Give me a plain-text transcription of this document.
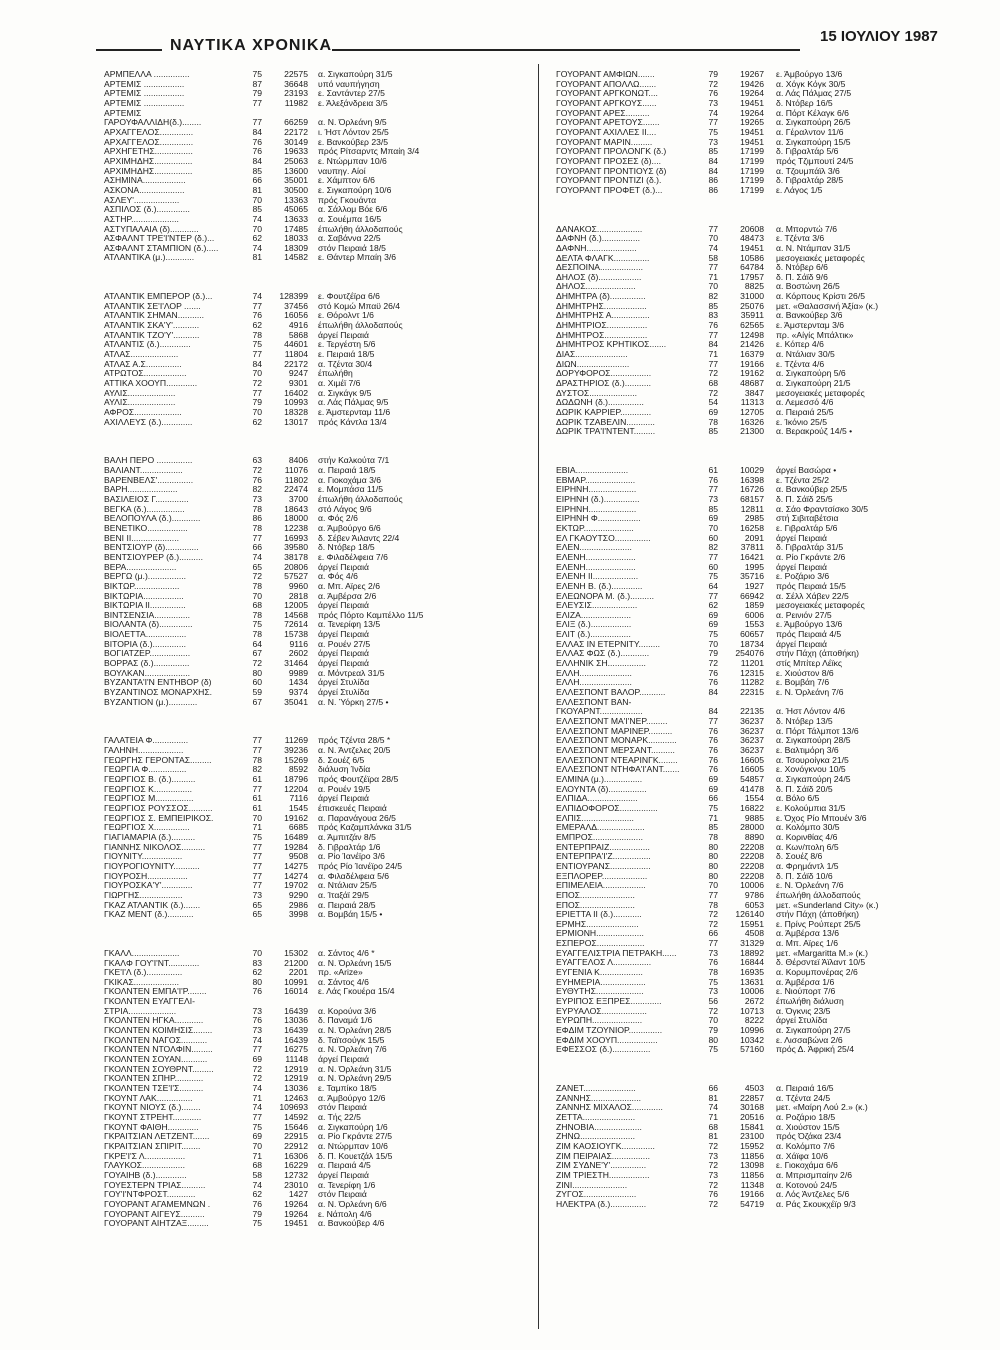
ΝΑΥΤΙΚΑ ΧΡΟΝΙΚΑ
15 ΙΟΥΛΙΟΥ 1987
ΑΡΜΠΕΛΛΑ ...............	75	22575	α. Σιγκαπούρη 31/5
ΑΡΤΕΜΙΣ .................	87	36648	υπό ναυπήγηση
ΑΡΤΕΜΙΣ .................	79	23193	ε. Σαντάντερ 27/5
ΑΡΤΕΜΙΣ .................	77	11982	ε. Άλεξάνδρεια 3/5
ΑΡΤΕΜΙΣ
ΓΑΡΟΥΦΑΛΛΙΔΗ(δ.)........	77	66259	α. Ν. Όρλεάνη 9/5
ΑΡΧΑΓΓΕΛΟΣ..............	84	22172	ι. Ήστ Λόντον 25/5
ΑΡΧΑΓΓΕΛΟΣ..............	76	30149	ε. Βανκούβερ 23/5
ΑΡΧΗΓΕΤΗΣ................	76	19633	πρός Ρίτσαρντς Μπαίη 3/4
ΑΡΧΙΜΗΔΗΣ................	84	25063	ε. Ντώρμπαν 10/6
ΑΡΧΙΜΗΔΗΣ................	85	13600	ναυπηγ. Αίοί
ΑΣΗΜΙΝΑ..................	66	35001	ε. Χάμπτον 6/6
ΑΣΚΟΝΑ...................	81	30500	ε. Σιγκαπούρη 10/6
ΑΣΛΕΥ'...................	70	13363	πρός Γκουάντα
ΑΣΠΙΛΟΣ (δ.)..............	85	45065	α. Σάλλομ Βόε 6/6
ΑΣΤΗΡ....................	74	13633	α. Σουέμπα 16/5
ΑΣΤΥΠΑΛΑΙΑ (δ)............	70	17485	έπωλήθη άλλοδαπούς
ΑΣΦΑΛΝΤ ΤΡΕ'Ι'ΝΤΕΡ (δ.)...	62	18033	α. Σαβάννα 22/5
ΑΣΦΑΛΝΤ ΣΤΑΜΠΙΟΝ (δ.).....	74	18309	στόν Πειραιά 18/5
ΑΤΛΑΝΤΙΚΑ (μ.)............	81	14582	ε. Θάντερ Μπαίη 3/6
ΑΤΛΑΝΤΙΚ ΕΜΠΕΡΟΡ (δ.)...	74	128399	ε. Φουτζέϊρα 6/6
ΑΤΛΑΝΤΙΚ ΣΕ'Ι'ΛΟΡ .......	77	37456	στό Κομώ Μπαϋ 26/4
ΑΤΛΑΝΤΙΚ ΣΗΜΑΝ...........	76	16056	ε. Θόρολντ 1/6
ΑΤΛΑΝΤΙΚ ΣΚΑ'Υ'...........	62	4916	έπωλήθη άλλοδαπούς
ΑΤΛΑΝΤΙΚ ΤΖΟ'Υ'...........	78	5868	άργεί Πειραιά
ΑΤΛΑΝΤΙΣ (δ.).............	75	44601	ε. Τεργέστη 5/6
ΑΤΛΑΣ....................	77	11804	ε. Πειραιά 18/5
ΑΤΛΑΣ Α.Σ...............	84	22172	α. Τζέντα 30/4
ΑΤΡΩΤΟΣ..................	70	9247	έπωλήθη
ΑΤΤΙΚΑ ΧΟΟΥΠ.............	72	9301	α. Χιμέϊ 7/6
ΑΥΛΙΣ....................	77	16402	α. Σιγκάγκ 9/5
ΑΥΛΙΣ....................	79	10993	α. Λάς Πάλμας 9/5
ΑΦΡΟΣ....................	70	18328	ε. Άμστερνταμ 11/6
ΑΧΙΛΛΕΥΣ (δ.).............	62	13017	πρός Κάντλα 13/4
ΒΑΛΗ ΠΕΡΟ ...............	63	8406	στήν Καλκούτα 7/1
ΒΑΛΙΑΝΤ..................	72	11076	α. Πειραιά 18/5
ΒΑΡΕΝΒΕΛΣ'...............	76	11802	α. Γιοκοχάμα 3/6
ΒΑΡΗ.....................	82	22474	ε. Μομπάσα 11/5
ΒΑΣΙΛΕΙΟΣ Γ..............	73	3700	έπωλήθη άλλοδαπούς
ΒΕΓΚΑ (δ.)................	78	18643	στό Λάγος 9/6
ΒΕΛΟΠΟΥΛΑ (δ.)............	86	18000	α. Φός 2/6
ΒΕΝΕΤΙΚΟ.................	78	12238	α. Άμβούργο 6/6
ΒΕΝΙ ΙΙ....................	77	16993	δ. Σέβεν Άιλαντς 22/4
ΒΕΝΤΣΙΟΥΡ (δ)..............	66	39580	δ. Ντόβερ 18/5
ΒΕΝΤΣΙΟΥΡΕΡ (δ.)..........	74	38178	ε. Φιλαδέλφεια 7/6
ΒΕΡΑ.....................	65	20806	άργεί Πειραιά
ΒΕΡΓΩ (μ.)................	72	57527	α. Φός 4/6
ΒΙΚΤΩΡ...................	78	9960	α. Μπ. Αϊρες 2/6
ΒΙΚΤΩΡΙΑ.................	70	2818	α. Άμβέρσα 2/6
ΒΙΚΤΩΡΙΑ ΙΙ...............	68	12005	άργεί Πειραιά
ΒΙΝΤΣΕΝΣΙΑ...............	78	14568	πρός Πόρτο Καμπέλλο 11/5
ΒΙΟΛΑΝΤΑ (δ)..............	75	72614	α. Τενερίφη 13/5
ΒΙΟΛΕΤΤΑ.................	78	15738	άργεί Πειραιά
ΒΙΤΟΡΙΑ (δ.)..............	64	9116	α. Ρουέν 27/5
ΒΟΓΙΑΤΖΕΡ.................	67	2602	άργεί Πειραιά
ΒΟΡΡΑΣ (δ.)...............	72	31464	άργεί Πειραιά
ΒΟΥΛΚΑΝ...................	80	9989	α. Μόντρεαλ 31/5
ΒΥΖΑΝΤΑ'Ι'Ν ΕΝΤΗΒΟΡ (δ)	60	1434	άργεί Στυλίδα
ΒΥΖΑΝΤΙΝΟΣ ΜΟΝΑΡΧΗΣ.	59	9374	άργεί Στυλίδα
ΒΥΖΑΝΤΙΟΝ (μ.)............	67	35041	α. Ν. Ύόρκη 27/5 •
ΓΑΛΑΤΕΙΑ Φ...............	77	11269	πρός Τζέντα 28/5 *
ΓΑΛΗΝΗ...................	77	39236	α. Ν. Άντζελες 20/5
ΓΕΩΡΓΗΣ ΓΕΡΟΝΤΑΣ.........	78	15269	δ. Σουέζ 6/5
ΓΕΩΡΓΙΑ Φ................	82	8592	διάλυση Ίνδία
ΓΕΩΡΓΙΟΣ Β. (δ.)..........	61	18796	πρός Φουτζέϊρα 28/5
ΓΕΩΡΓΙΟΣ Κ................	77	12204	α. Ρουέν 19/5
ΓΕΩΡΓΙΟΣ Μ................	61	7116	άργεί Πειραιά
ΓΕΩΡΓΙΟΣ ΡΟΥΣΣΟΣ..........	61	1545	έπισκευές Πειραιά
ΓΕΩΡΓΙΟΣ Σ. ΕΜΠΕΙΡΙΚΟΣ.	70	19162	α. Παρανάγουα 26/5
ΓΕΩΡΓΙΟΣ Χ...............	71	6685	πρός Καζαμπλάνκα 31/5
ΓΙΑΓΙΑΜΑΡΙΑ (δ.)..........	75	16489	α. Άμπιτζάν 8/5
ΓΙΑΝΝΗΣ ΝΙΚΟΛΟΣ..........	77	19284	δ. Γιβραλτάρ 1/6
ΓΙΟΥΝΙΤΥ.................	77	9508	α. Ρίο Ίανέϊρο 3/6
ΓΙΟΥΡΟΓΙΟΥΝΙΤΥ...........	77	14275	πρός Ρίο Ίανέϊρο 24/5
ΓΙΟΥΡΟΣΗ.................	77	14274	α. Φιλαδέλφεια 5/6
ΓΙΟΥΡΟΣΚΑ'Υ'.............	77	19702	α. Ντάλιαν 25/5
ΓΙΩΡΓΗΣ..................	73	9290	α. Ίταξάϊ 29/5
ΓΚΑΖ ΑΤΛΑΝΤΙΚ (δ.).......	65	2986	α. Πειραιά 28/5
ΓΚΑΖ ΜΕΝΤ (δ.)...........	65	3998	α. Βομβάη 15/5 •
ΓΚΑΛΛ....................	70	15302	α. Σάντος 4/6 *
ΓΚΑΛΦ ΓΟΥ'Ι'ΝΤ.............	83	21200	α. Ν. Όρλεάνη 15/5
ΓΚΕ'Ι'Λ (δ.)...............	62	2201	πρ. «Αrize»
ΓΚΙΚΑΣ...................	80	10991	α. Σάντος 4/6
ΓΚΟΛΝΤΕΝ ΕΜΠΑ'Ι'Ρ........	76	16014	ε. Λάς Γκουέρα 15/4
ΓΚΟΛΝΤΕΝ ΕΥΑΓΓΕΛΙ-
ΣΤΡΙΑ....................	73	16439	α. Κορούνα 3/6
ΓΚΟΛΝΤΕΝ ΗΓΚΑ............	76	13036	δ. Παναμά 1/6
ΓΚΟΛΝΤΕΝ ΚΟΙΜΗΣΙΣ........	73	16439	α. Ν. Όρλεάνη 28/5
ΓΚΟΛΝΤΕΝ ΝΑΓΟΣ...........	74	16439	δ. Ταϊτσούγκ 15/5
ΓΚΟΛΝΤΕΝ ΝΤΟΛΦΙΝ.........	77	16275	α. Ν. Όρλεάνη 7/6
ΓΚΟΛΝΤΕΝ ΣΟΥΑΝ...........	69	11148	άργεί Πειραιά
ΓΚΟΛΝΤΕΝ ΣΟΥΘΡΝΤ.........	72	12919	α. Ν. Όρλεάνη 31/5
ΓΚΟΛΝΤΕΝ ΣΠΗΡ............	72	12919	α. Ν. Όρλεάνη 29/5
ΓΚΟΛΝΤΕΝ ΤΣΕ'Ι'Σ..........	74	13036	ε. Ταμπίκο 18/5
ΓΚΟΥΝΤ ΛΑΚ...............	71	12463	α. Άμβούργο 12/6
ΓΚΟΥΝΤ ΝΙΟΥΣ (δ.)........	74	109693	στόν Πειραιά
ΓΚΟΥΝΤ ΣΤΡΕΗΤ............	77	14592	α. Τής 22/5
ΓΚΟΥΝΤ ΦΑΙΘΗ.............	75	15646	α. Σιγκαπούρη 1/6
ΓΚΡΑΙΤΣΙΑΝ ΛΕΤΖΕΝΤ.......	69	22915	α. Ρίο Γκράντε 27/5
ΓΚΡΑΙΤΣΙΑΝ ΣΠΙΡΙΤ........	70	22912	α. Ντώρμπαν 10/6
ΓΚΡΕ'Ι'Σ Λ.................	71	16306	δ. Π. Κουετζάλ 15/5
ΓΛΑΥΚΟΣ..................	68	16229	α. Πειραιά 4/5
ΓΟΥΑΙΗΒ (δ.).............	58	12732	άργεί Πειραιά
ΓΟΥΕΣΤΕΡΝ ΤΡΙΑΣ..........	74	23010	α. Τενερίφη 1/6
ΓΟΥ'Ι'ΝΤΦΡΟΣΤ............	62	1427	στόν Πειραιά
ΓΟΥΟΡΑΝΤ ΑΓΑΜΕΜΝΩΝ .	76	19264	α. Ν. Όρλεάνη 6/6
ΓΟΥΟΡΑΝΤ ΑΙΓΕΥΣ..........	79	19264	ε. Νάπολη 4/6
ΓΟΥΟΡΑΝΤ ΑΙΗΤΖΑΞ.........	75	19451	α. Βανκούβερ 4/6
ΓΟΥΟΡΑΝΤ ΑΜΦΙΩΝ.......	79	19267	ε. Άμβούργο 13/6
ΓΟΥΟΡΑΝΤ ΑΠΟΛΛΩ.......	72	19426	α. Χόγκ Κόγκ 30/5
ΓΟΥΟΡΑΝΤ ΑΡΓΚΟΝΩΤ....	76	19264	α. Λάς Πάλμας 27/5
ΓΟΥΟΡΑΝΤ ΑΡΓΚΟΥΣ......	73	19451	δ. Ντόβερ 16/5
ΓΟΥΟΡΑΝΤ ΑΡΕΣ..........	74	19264	α. Πόρτ Κέλαγκ 6/6
ΓΟΥΟΡΑΝΤ ΑΡΕΤΟΥΣ.......	77	19265	α. Σιγκαπούρη 26/5
ΓΟΥΟΡΑΝΤ ΑΧΙΛΛΕΣ ΙΙ....	75	19451	α. Γέραλντον 11/6
ΓΟΥΟΡΑΝΤ ΜΑΡΙΝ.........	73	19451	α. Σιγκαπούρη 15/5
ΓΟΥΟΡΑΝΤ ΠΡΟΛΟΝΓΚ (δ.)	85	17199	δ. Γιβραλτάρ 5/6
ΓΟΥΟΡΑΝΤ ΠΡΟΣΕΣ (δ)....	84	17199	πρός Τζιμπουτί 24/5
ΓΟΥΟΡΑΝΤ ΠΡΟΝΤΙΟΥΣ (δ)	84	17199	α. Τζουμπάϊλ 3/6
ΓΟΥΟΡΑΝΤ ΠΡΟΝΤΙΖΙ (δ.).	86	17199	δ. Γιβραλτάρ 28/5
ΓΟΥΟΡΑΝΤ ΠΡΟΦΕΤ (δ.)...	86	17199	ε. Λάγος 1/5
ΔΑΝΑΚΟΣ...................	77	20608	α. Μπορντώ 7/6
ΔΑΦΝΗ (δ.)................	70	48473	ε. Τζέντα 3/6
ΔΑΦΝΗ.....................	74	19451	α. Ν. Ντάμπαν 31/5
ΔΕΛΤΑ ΦΛΑΓΚ...............	58	10586	μεσογειακές μεταφορές
ΔΕΣΠΟΙΝΑ..................	77	64784	δ. Ντόβερ 6/6
ΔΗΛΟΣ (δ)..................	71	17957	δ. Π. Σάϊδ 9/6
ΔΗΛΟΣ.....................	70	8825	α. Βοστώνη 26/5
ΔΗΜΗΤΡΑ (δ)...............	82	31000	α. Κόρπους Κρίστι 26/5
ΔΗΜΗΤΡΗΣ..................	85	25076	μετ. «Θαλασσινή Άξία» (κ.)
ΔΗΜΗΤΡΗΣ Α................	83	35911	α. Βανκούβερ 3/6
ΔΗΜΗΤΡΙΟΣ.................	76	62565	ε. Άμστερνταμ 3/6
ΔΗΜΗΤΡΟΣ..................	77	12498	πρ. «Αίγίς Μπάλτικ»
ΔΗΜΗΤΡΟΣ ΚΡΗΤΙΚΟΣ.......	84	21426	ε. Κόπερ 4/6
ΔΙΑΣ......................	71	16379	α. Ντάλιαν 30/5
ΔΙΩΝ......................	77	19166	ε. Τζέντα 4/6
ΔΟΡΥΦΟΡΟΣ.................	72	19162	α. Σιγκαπούρη 5/6
ΔΡΑΣΤΗΡΙΟΣ (δ.)...........	68	48687	α. Σιγκαπούρη 21/5
ΔΥΣΤΟΣ....................	72	3847	μεσογειακές μεταφορές
ΔΩΔΩΝΗ (δ.)...............	54	11313	α. Λεμεσσό 4/6
ΔΩΡΙΚ ΚΑΡΡΙΕΡ.............	69	12705	α. Πειραιά 25/5
ΔΩΡΙΚ ΤΖΑΒΕΛΙΝ............	78	16326	ε. Ίκόνιο 25/5
ΔΩΡΙΚ ΤΡΑ'Ι'ΝΤΕΝΤ.........	85	21300	α. Βερακρούζ 14/5 •
ΕΒΙΑ......................	61	10029	άργεί Βασώρα •
ΕΒΜΑΡ.....................	76	16398	ε. Τζέντα 25/2
ΕΙΡΗΝΗ....................	77	16726	α. Βανκούβερ 25/5
ΕΙΡΗΝΗ (δ.)...............	73	68157	δ. Π. Σάϊδ 25/5
ΕΙΡΗΝΗ....................	85	12811	α. Σάο Φραντσίσκο 30/5
ΕΙΡΗΝΗ Φ..................	69	2985	στή Σιβιταβέτσια
ΕΚΤΩΡ.....................	70	16258	ε. Γιβραλτάρ 5/6
ΕΛ ΓΚΑΟΥΤΣΟ...............	60	2091	άργεί Πειραιά
ΕΛΕΝ......................	82	37811	δ. Γιβραλτάρ 31/5
ΕΛΕΝΗ.....................	77	16421	α. Ρίο Γκράντε 2/6
ΕΛΕΝΗ.....................	60	1995	άργεί Πειραιά
ΕΛΕΝΗ ΙΙ...................	75	35716	ε. Ροζάριο 3/6
ΕΛΕΝΗ Β. (δ.).............	64	1927	πρός Πειραιά 15/5
ΕΛΕΩΝΟΡΑ Μ. (δ.)..........	77	66942	α. Σέλλ Χάβεν 22/5
ΕΛΕΥΣΙΣ...................	62	1859	μεσογειακές μεταφορές
ΕΛΙΖΑ.....................	69	6006	α. Ρεινιόν 27/5
ΕΛΙΞ (δ.).................	69	1553	ε. Άμβούργο 13/6
ΕΛΙΤ (δ.).................	75	60657	πρός Πειραιά 4/5
ΕΛΛΑΣ ΙΝ ΕΤΕΡΝΙΤΥ.........	70	18734	άργεί Πειραιά
ΕΛΛΑΣ ΦΩΣ (δ.)............	79	254076	στήν Πάχη (άποθήκη)
ΕΛΛΗΝΙΚ ΣΗ................	72	11201	στίς Μπίτερ Λέϊκς
ΕΛΛΗ......................	76	12315	ε. Χιούστον 8/6
ΕΛΛΗ......................	76	11282	ε. Βομβάη 7/6
ΕΛΛΕΣΠΟΝΤ ΒΑΛΟΡ...........	84	22315	ε. Ν. Όρλεάνη 7/6
ΕΛΛΕΣΠΟΝΤ ΒΑΝ-
ΓΚΟΥΑΡΝΤ..................	84	22135	α. Ήστ Λόντον 4/6
ΕΛΛΕΣΠΟΝΤ ΜΑ'Ι'ΝΕΡ.........	77	36237	δ. Ντόβερ 13/5
ΕΛΛΕΣΠΟΝΤ ΜΑΡΙΝΕΡ..........	76	36237	α. Πόρτ Τάλμποτ 13/6
ΕΛΛΕΣΠΟΝΤ ΜΟΝΑΡΚ............	76	36237	α. Σιγκαπούρη 28/5
ΕΛΛΕΣΠΟΝΤ ΜΕΡΣΑΝΤ..........	76	36237	ε. Βαλτιμόρη 3/6
ΕΛΛΕΣΠΟΝΤ ΝΤΕΑΡΙΝΓΚ........	76	16605	α. Τσουροίγκα 21/5
ΕΛΛΕΣΠΟΝΤ ΝΤΗΦΑ'Ι'ΑΝΤ.......	76	16605	ε. Χονόγκνου 10/5
ΕΛΜΙΝΑ (μ.)................	69	54857	α. Σιγκαπούρη 24/5
ΕΛΟΥΝΤΑ (δ)................	69	41478	δ. Π. Σάϊδ 20/5
ΕΛΠΙΔΑ.....................	66	1554	α. Βόλο 6/5
ΕΛΠΙΔΟΦΟΡΟΣ................	75	16822	ε. Κολούμπια 31/5
ΕΛΠΙΣ......................	71	9885	ε. Όχος Ρίο Μπουέν 3/6
ΕΜΕΡΑΛΔ....................	85	28000	α. Κολόμπο 30/5
ΕΜΠΡΟΣ.....................	78	8890	α. Κορινθίας 4/6
ΕΝΤΕΡΠΡΑΙΖ.................	80	22208	α. Κων/πολη 6/5
ΕΝΤΕΡΠΡΑ'Ι'Ζ................	80	22208	δ. Σουέζ 8/6
ΕΝΤΙΟΥΡΑΝΣ.................	80	22208	α. Φρημάντλ 1/5
ΕΞΠΛΟΡΕΡ...................	80	22208	δ. Π. Σάϊδ 10/6
ΕΠΙΜΕΛΕΙΑ..................	70	10006	ε. Ν. Όρλεάνη 7/6
ΕΠΟΣ.......................	77	9786	έπωλήθη άλλοδαπούς
ΕΠΟΣ.......................	78	6053	μετ. «Sunderland City» (κ.)
ΕΡΙΕΤΤΑ ΙΙ (δ.)............	72	126140	στήν Πάχη (άποθήκη)
ΕΡΜΗΣ......................	72	15951	ε. Πρίνς Ρούπερτ 25/5
ΕΡΜΙΟΝΗ....................	66	4508	α. Άμβέρσα 13/6
ΕΣΠΕΡΟΣ....................	77	31329	α. Μπ. Αϊρες 1/6
ΕΥΑΓΓΕΛΙΣΤΡΙΑ ΠΕΤΡΑΚΗ......	73	18892	μετ. «Margaritta M.» (κ.)
ΕΥΑΓΓΕΛΟΣ Λ................	76	16844	δ. Θέρσντεϊ Άϊλαντ 10/5
ΕΥΓΕΝΙΑ Κ..................	78	16935	α. Κορυμπονέρας 2/6
ΕΥΗΜΕΡΙΑ...................	75	13631	α. Άμβέρσα 1/6
ΕΥΘΥΤΗΣ....................	73	10006	ε. Νιούπορτ 7/6
ΕΥΡΙΠΟΣ ΕΞΠΡΕΣ.............	56	2672	έπωλήθη διάλυση
ΕΥΡΥΑΛΟΣ...................	72	10713	α. Όγκνις 23/5
ΕΥΡΩΠΗ.....................	70	8222	άργεί Στυλίδα
ΕΦΔΙΜ ΤΖΟΥΝΙΟΡ..............	79	10996	α. Σιγκαπούρη 27/5
ΕΦΔΙΜ ΧΟΟΥΠ.................	80	10342	ε. Λισσαβώνα 2/6
ΕΦΕΣΣΟΣ (δ.)................	75	57160	πρός Δ. Άφρική 25/4
ΖΑΝΕΤ......................	66	4503	α. Πειραιά 16/5
ΖΑΝΝΗΣ.....................	81	22857	α. Τζέντα 24/5
ΖΑΝΝΗΣ ΜΙΧΑΛΟΣ.............	74	30168	μετ. «Μαίρη Λού 2.» (κ.)
ΖΕΤΤΑ......................	71	20516	α. Ροζάριο 18/5
ΖΗΝΟΒΙΑ....................	68	15841	α. Χιούστον 15/5
ΖΗΝΩ.......................	81	23100	πρός Όζάκα 23/4
ΖΙΜ ΚΑΟΣΙΟΥΓΚ..............	72	15952	α. Κολόμπο 7/6
ΖΙΜ ΠΕΙΡΑΙΑΣ................	73	11856	α. Χάϊφα 10/6
ΖΙΜ ΣΥΔΝΕ'Υ'...............	72	13098	ε. Γιοκοχάμα 6/6
ΖΙΜ ΤΡΙΕΣΤΗ.................	73	11856	α. Μπρισμπαίην 2/6
ΖΙΝΙ.......................	72	11348	α. Κοτονού 24/5
ΖΥΓΟΣ......................	76	19166	α. Λός Άντζελες 5/6
ΗΛΕΚΤΡΑ (δ.)...............	72	54719	α. Ράς Σκουκχέϊρ 9/3
